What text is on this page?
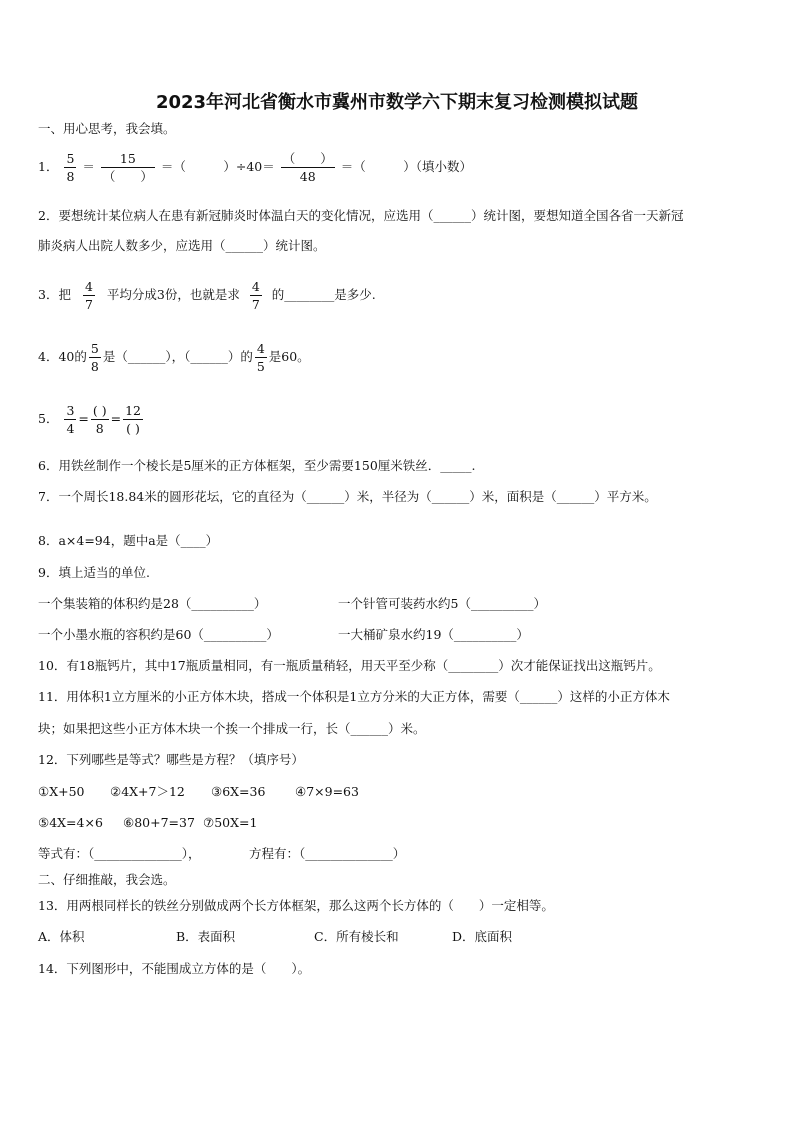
2023年河北省衡水市冀州市数学六下期末复习检测模拟试题
一、用心思考，我会填。
1． $\frac{5}{8} = \frac{15}{( )}$ ＝（　　　）$\div 40= \frac{( )}{48}$ ＝（　　　）（填小数）
2．要想统计某位病人在患有新冠肺炎时体温白天的变化情况，应选用（______）统计图，要想知道全国各省一天新冠
肺炎病人出院人数多少，应选用（______）统计图。
3．把 $\frac{4}{7}$ 平均分成3份，也就是求 $\frac{4}{7}$ 的________是多少.
4．40的 $\frac{5}{8}$ 是（______），（______）的 $\frac{4}{5}$ 是60。
5． $\frac{3}{4} = \frac{( )}{8} = \frac{12}{( )}$
6．用铁丝制作一个棱长是5厘米的正方体框架，至少需要150厘米铁丝．_____.
7．一个周长18.84米的圆形花坛，它的直径为（______）米，半径为（______）米，面积是（______）平方米。
8．a×4=94，题中a是（____）
9．填上适当的单位.
一个集装箱的体积约是28（__________）	一个针管可装药水约5（__________）
一个小墨水瓶的容积约是60（__________）	一大桶矿泉水约19（__________）
10．有18瓶钙片，其中17瓶质量相同，有一瓶质量稍轻，用天平至少称（________）次才能保证找出这瓶钙片。
11．用体积1立方厘米的小正方体木块，搭成一个体积是1立方分米的大正方体，需要（______）这样的小正方体木
块；如果把这些小正方体木块一个挨一个排成一行，长（______）米。
12．下列哪些是等式？哪些是方程？（填序号）
①X+50 ②4X+7＞12 ③6X=36 ④7×9=63
⑤4X=4×6 ⑥80+7=37 ⑦50X=1
等式有：（______________），	方程有：（______________）
二、仔细推敲，我会选。
13．用两根同样长的铁丝分别做成两个长方体框架，那么这两个长方体的（　　）一定相等。
A．体积	B．表面积	C．所有棱长和	D．底面积
14．下列图形中，不能围成立方体的是（　　）。
